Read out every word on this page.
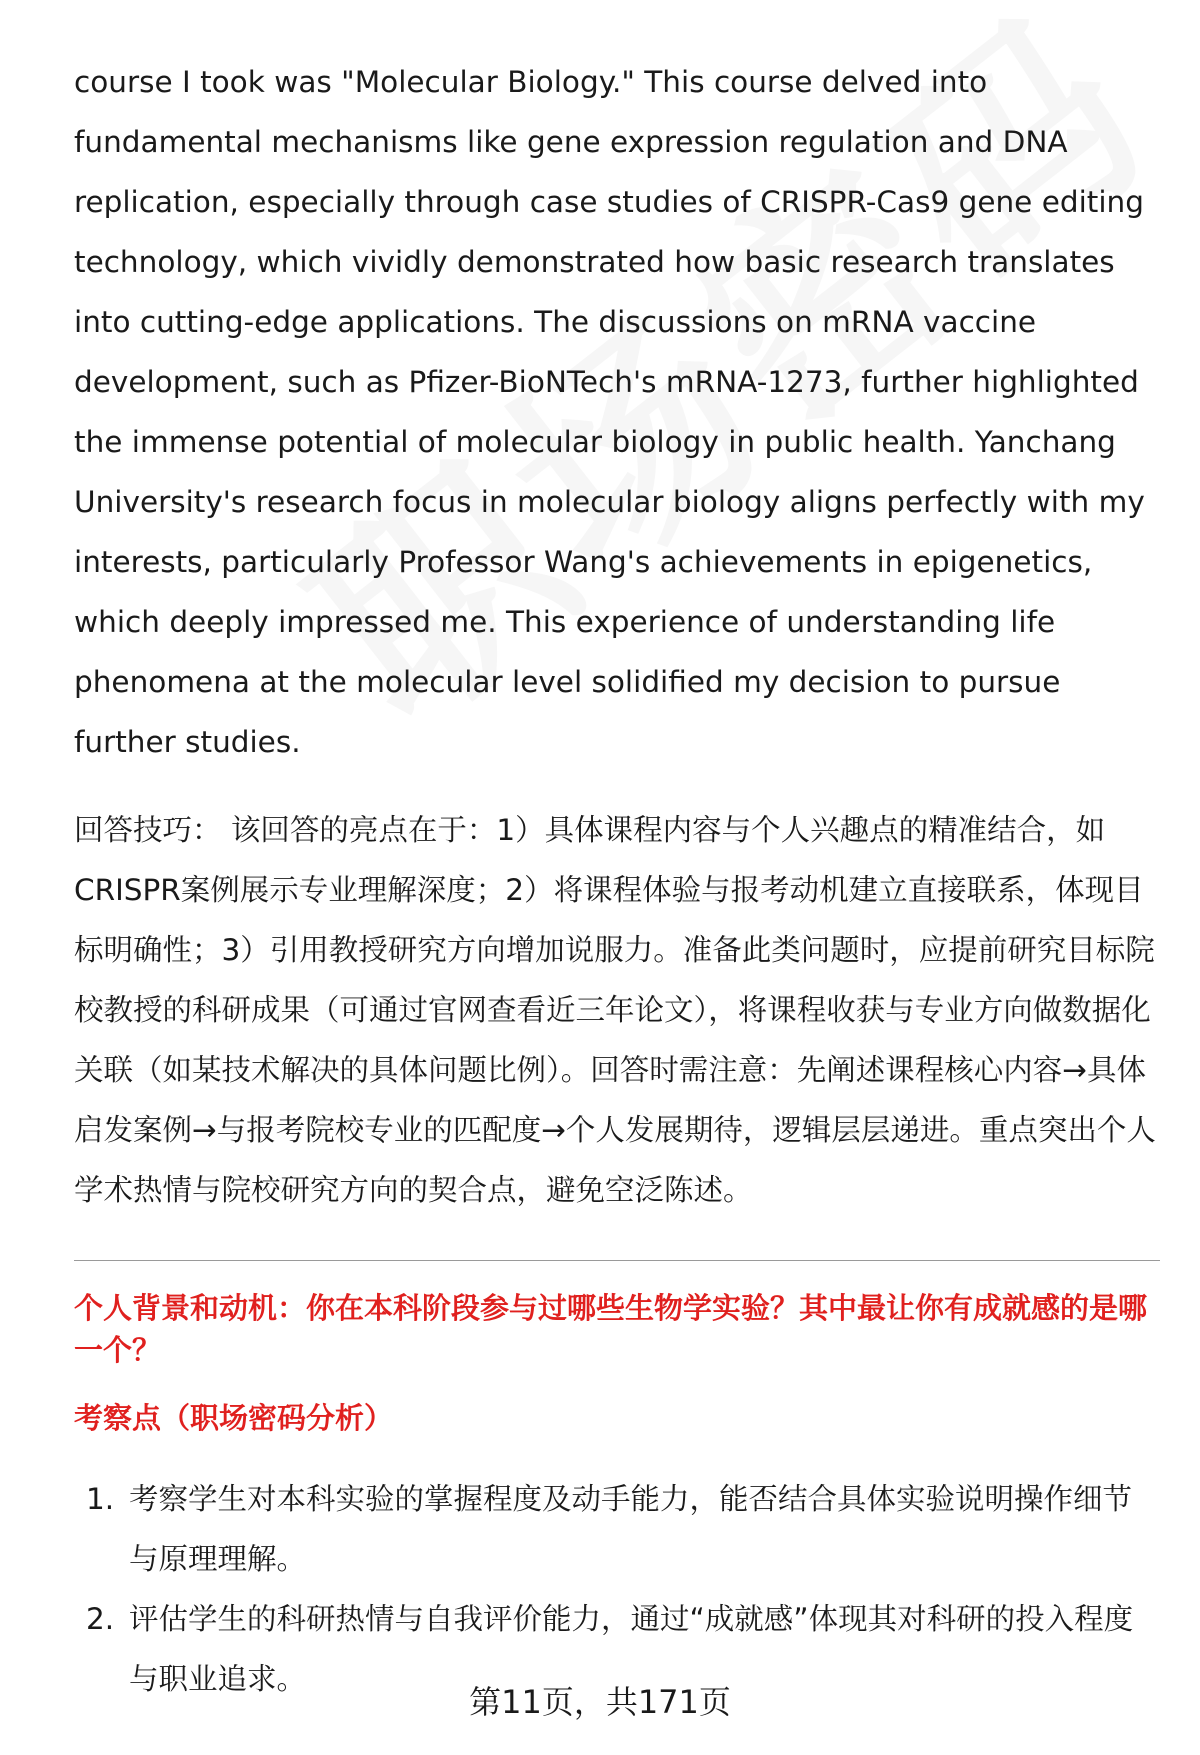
course I took was "Molecular Biology." This course delved into fundamental mechanisms like gene expression regulation and DNA replication, especially through case studies of CRISPR-Cas9 gene editing technology, which vividly demonstrated how basic research translates into cutting-edge applications. The discussions on mRNA vaccine development, such as Pfizer-BioNTech's mRNA-1273, further highlighted the immense potential of molecular biology in public health. Yanchang University's research focus in molecular biology aligns perfectly with my interests, particularly Professor Wang's achievements in epigenetics, which deeply impressed me. This experience of understanding life phenomena at the molecular level solidified my decision to pursue further studies.

回答技巧： 该回答的亮点在于：1）具体课程内容与个人兴趣点的精准结合，如CRISPR案例展示专业理解深度；2）将课程体验与报考动机建立直接联系，体现目标明确性；3）引用教授研究方向增加说服力。准备此类问题时，应提前研究目标院校教授的科研成果（可通过官网查看近三年论文），将课程收获与专业方向做数据化关联（如某技术解决的具体问题比例）。回答时需注意：先阐述课程核心内容→具体启发案例→与报考院校专业的匹配度→个人发展期待，逻辑层层递进。重点突出个人学术热情与院校研究方向的契合点，避免空泛陈述。

个人背景和动机：你在本科阶段参与过哪些生物学实验？其中最让你有成就感的是哪一个？
考察点（职场密码分析）
1. 考察学生对本科实验的掌握程度及动手能力，能否结合具体实验说明操作细节与原理理解。
2. 评估学生的科研热情与自我评价能力，通过“成就感”体现其对科研的投入程度与职业追求。
第11页，共171页
